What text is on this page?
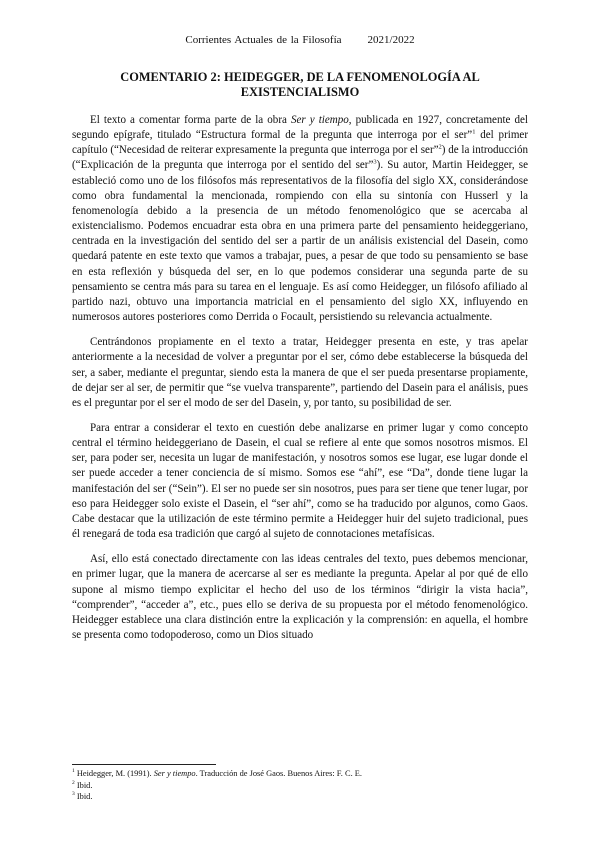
Corrientes Actuales de la Filosofía 2021/2022
COMENTARIO 2: HEIDEGGER, DE LA FENOMENOLOGÍA AL EXISTENCIALISMO

El texto a comentar forma parte de la obra Ser y tiempo, publicada en 1927, concretamente del segundo epígrafe, titulado “Estructura formal de la pregunta que interroga por el ser”$^1$ del primer capítulo (“Necesidad de reiterar expresamente la pregunta que interroga por el ser”$^2$) de la introducción (“Explicación de la pregunta que interroga por el sentido del ser”$^3$). Su autor, Martin Heidegger, se estableció como uno de los filósofos más representativos de la filosofía del siglo XX, considerándose como obra fundamental la mencionada, rompiendo con ella su sintonía con Husserl y la fenomenología debido a la presencia de un método fenomenológico que se acercaba al existencialismo. Podemos encuadrar esta obra en una primera parte del pensamiento heideggeriano, centrada en la investigación del sentido del ser a partir de un análisis existencial del Dasein, como quedará patente en este texto que vamos a trabajar, pues, a pesar de que todo su pensamiento se base en esta reflexión y búsqueda del ser, en lo que podemos considerar una segunda parte de su pensamiento se centra más para su tarea en el lenguaje. Es así como Heidegger, un filósofo afiliado al partido nazi, obtuvo una importancia matricial en el pensamiento del siglo XX, influyendo en numerosos autores posteriores como Derrida o Focault, persistiendo su relevancia actualmente.

Centrándonos propiamente en el texto a tratar, Heidegger presenta en este, y tras apelar anteriormente a la necesidad de volver a preguntar por el ser, cómo debe establecerse la búsqueda del ser, a saber, mediante el preguntar, siendo esta la manera de que el ser pueda presentarse propiamente, de dejar ser al ser, de permitir que “se vuelva transparente”, partiendo del Dasein para el análisis, pues es el preguntar por el ser el modo de ser del Dasein, y, por tanto, su posibilidad de ser.

Para entrar a considerar el texto en cuestión debe analizarse en primer lugar y como concepto central el término heideggeriano de Dasein, el cual se refiere al ente que somos nosotros mismos. El ser, para poder ser, necesita un lugar de manifestación, y nosotros somos ese lugar, ese lugar donde el ser puede acceder a tener conciencia de sí mismo. Somos ese “ahí”, ese “Da”, donde tiene lugar la manifestación del ser (“Sein”). El ser no puede ser sin nosotros, pues para ser tiene que tener lugar, por eso para Heidegger solo existe el Dasein, el “ser ahí”, como se ha traducido por algunos, como Gaos. Cabe destacar que la utilización de este término permite a Heidegger huir del sujeto tradicional, pues él renegará de toda esa tradición que cargó al sujeto de connotaciones metafísicas.

Así, ello está conectado directamente con las ideas centrales del texto, pues debemos mencionar, en primer lugar, que la manera de acercarse al ser es mediante la pregunta. Apelar al por qué de ello supone al mismo tiempo explicitar el hecho del uso de los términos “dirigir la vista hacia”, “comprender”, “acceder a”, etc., pues ello se deriva de su propuesta por el método fenomenológico. Heidegger establece una clara distinción entre la explicación y la comprensión: en aquella, el hombre se presenta como todopoderoso, como un Dios situado

$^1$ Heidegger, M. (1991). Ser y tiempo. Traducción de José Gaos. Buenos Aires: F. C. E.
$^2$ Ibid.
$^3$ Ibid.
